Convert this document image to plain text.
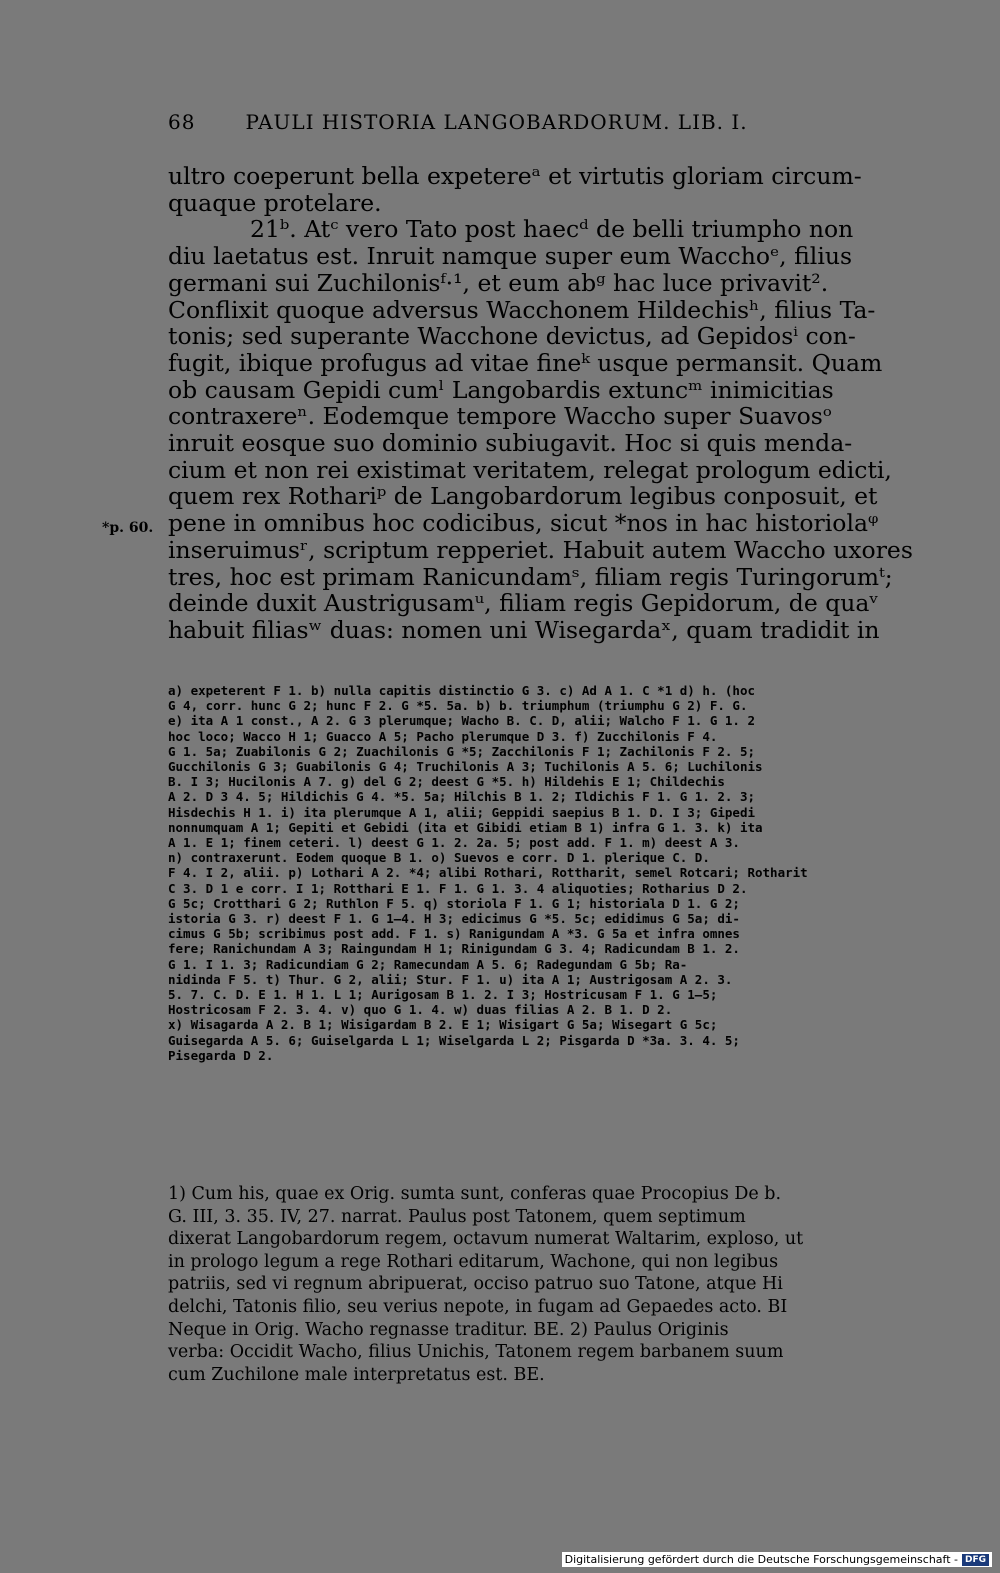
68	PAULI HISTORIA LANGOBARDORUM. LIB. I.
ultro coeperunt bella expetereᵃ et virtutis gloriam circum-
quaque protelare.
21ᵇ. Atᶜ vero Tato post haecᵈ de belli triumpho non
diu laetatus est. Inruit namque super eum Wacchoᵉ, filius
germani sui Zuchilonisᶠ·¹, et eum abᵍ hac luce privavit².
Conflixit quoque adversus Wacchonem Hildechisʰ, filius Ta-
tonis; sed superante Wacchone devictus, ad Gepidosⁱ con-
fugit, ibique profugus ad vitae fineᵏ usque permansit. Quam
ob causam Gepidi cumˡ Langobardis extuncᵐ inimicitias
contraxereⁿ. Eodemque tempore Waccho super Suavosᵒ
inruit eosque suo dominio subiugavit. Hoc si quis menda-
cium et non rei existimat veritatem, relegat prologum edicti,
quem rex Rothariᵖ de Langobardorum legibus conposuit, et
pene in omnibus hoc codicibus, sicut *nos in hac historiolaᵠ
inseruimusʳ, scriptum repperiet. Habuit autem Waccho uxores
tres, hoc est primam Ranicundamˢ, filiam regis Turingorumᵗ;
deinde duxit Austrigusamᵘ, filiam regis Gepidorum, de quaᵛ
habuit filiasʷ duas: nomen uni Wisegardaˣ, quam tradidit in
*p. 60.
a) expeterent F 1. b) nulla capitis distinctio G 3. c) Ad A 1. C *1 d) h. (hoc
G 4, corr. hunc G 2; hunc F 2. G *5. 5a. b) b. triumphum (triumphu G 2) F. G.
e) ita A 1 const., A 2. G 3 plerumque; Wacho B. C. D, alii; Walcho F 1. G 1. 2
hoc loco; Wacco H 1; Guacco A 5; Pacho plerumque D 3. f) Zucchilonis F 4.
G 1. 5a; Zuabilonis G 2; Zuachilonis G *5; Zacchilonis F 1; Zachilonis F 2. 5;
Gucchilonis G 3; Guabilonis G 4; Truchilonis A 3; Tuchilonis A 5. 6; Luchilonis
B. I 3; Hucilonis A 7. g) del G 2; deest G *5. h) Hildehis E 1; Childechis
A 2. D 3 4. 5; Hildichis G 4. *5. 5a; Hilchis B 1. 2; Ildichis F 1. G 1. 2. 3;
Hisdechis H 1. i) ita plerumque A 1, alii; Geppidi saepius B 1. D. I 3; Gipedi
nonnumquam A 1; Gepiti et Gebidi (ita et Gibidi etiam B 1) infra G 1. 3. k) ita
A 1. E 1; finem ceteri. l) deest G 1. 2. 2a. 5; post add. F 1. m) deest A 3.
n) contraxerunt. Eodem quoque B 1. o) Suevos e corr. D 1. plerique C. D.
F 4. I 2, alii. p) Lothari A 2. *4; alibi Rothari, Rottharit, semel Rotcari; Rotharit
C 3. D 1 e corr. I 1; Rotthari E 1. F 1. G 1. 3. 4 aliquoties; Rotharius D 2.
G 5c; Crotthari G 2; Ruthlon F 5. q) storiola F 1. G 1; historiala D 1. G 2;
istoria G 3. r) deest F 1. G 1—4. H 3; edicimus G *5. 5c; edidimus G 5a; di-
cimus G 5b; scribimus post add. F 1. s) Ranigundam A *3. G 5a et infra omnes
fere; Ranichundam A 3; Raingundam H 1; Rinigundam G 3. 4; Radicundam B 1. 2.
G 1. I 1. 3; Radicundiam G 2; Ramecundam A 5. 6; Radegundam G 5b; Ra-
nidinda F 5. t) Thur. G 2, alii; Stur. F 1. u) ita A 1; Austrigosam A 2. 3.
5. 7. C. D. E 1. H 1. L 1; Aurigosam B 1. 2. I 3; Hostricusam F 1. G 1—5;
Hostricosam F 2. 3. 4. v) quo G 1. 4. w) duas filias A 2. B 1. D 2.
x) Wisagarda A 2. B 1; Wisigardam B 2. E 1; Wisigart G 5a; Wisegart G 5c;
Guisegarda A 5. 6; Guiselgarda L 1; Wiselgarda L 2; Pisgarda D *3a. 3. 4. 5;
Pisegarda D 2.
1) Cum his, quae ex Orig. sumta sunt, conferas quae Procopius De b.
G. III, 3. 35. IV, 27. narrat. Paulus post Tatonem, quem septimum
dixerat Langobardorum regem, octavum numerat Waltarim, exploso, ut
in prologo legum a rege Rothari editarum, Wachone, qui non legibus
patriis, sed vi regnum abripuerat, occiso patruo suo Tatone, atque Hi
delchi, Tatonis filio, seu verius nepote, in fugam ad Gepaedes acto. BI
Neque in Orig. Wacho regnasse traditur. BE. 2) Paulus Originis
verba: Occidit Wacho, filius Unichis, Tatonem regem barbanem suum
cum Zuchilone male interpretatus est. BE.
Digitalisierung gefördert durch die Deutsche Forschungsgemeinschaft - DFG
